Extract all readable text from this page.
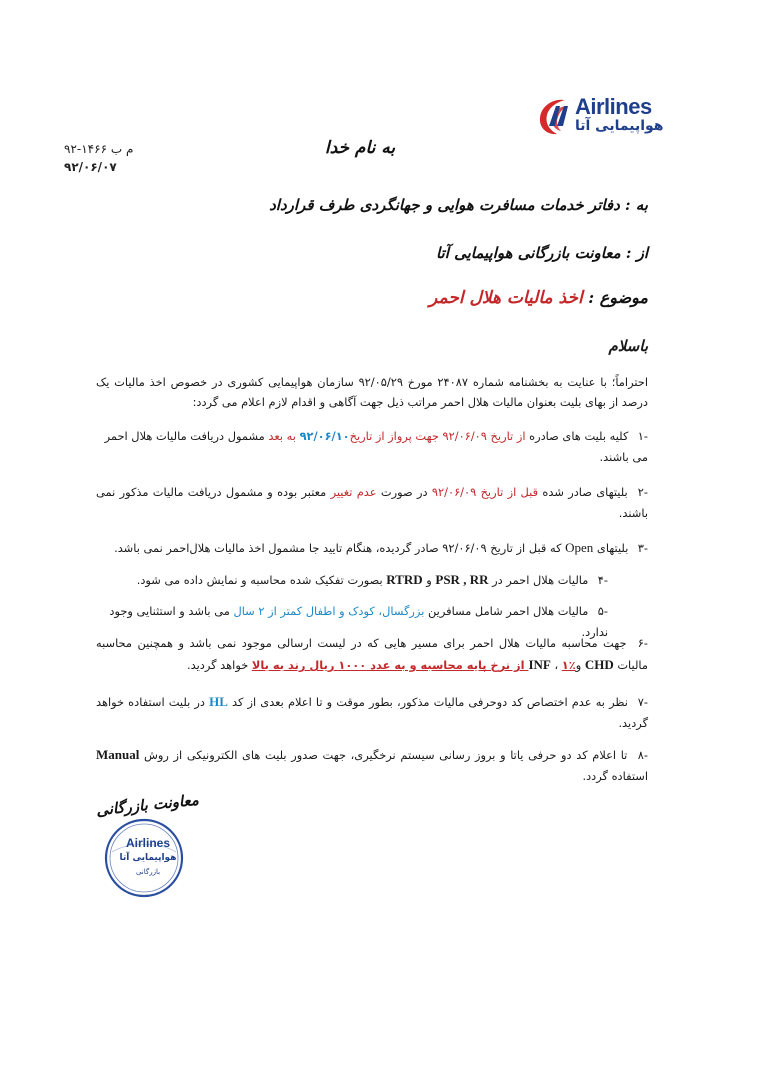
Airlines
هواپیمایی آتا
م ب ۱۴۶۶-۹۲
۹۲/۰۶/۰۷
به نام خدا
به : دفاتر خدمات مسافرت هوایی و جهانگردی طرف قرارداد
از : معاونت بازرگانی هواپیمایی آتا
موضوع : اخذ مالیات هلال احمر
باسلام
احتراماً؛ با عنایت به بخشنامه شماره ۲۴۰۸۷ مورخ ۹۲/۰۵/۲۹ سازمان هواپیمایی کشوری در خصوص اخذ مالیات یک درصد از بهای بلیت بعنوان مالیات هلال احمر مراتب ذیل جهت آگاهی و اقدام لازم اعلام می گردد:
-۱ کلیه بلیت های صادره از تاریخ ۹۲/۰۶/۰۹ جهت پرواز از تاریخ۹۲/۰۶/۱۰ به بعد مشمول دریافت مالیات هلال احمر می باشند.
-۲ بلیتهای صادر شده قبل از تاریخ ۹۲/۰۶/۰۹ در صورت عدم تغییر معتبر بوده و مشمول دریافت مالیات مذکور نمی باشند.
-۳ بلیتهای Open که قبل از تاریخ ۹۲/۰۶/۰۹ صادر گردیده، هنگام تایید جا مشمول اخذ مالیات هلال‌احمر نمی باشد.
-۴ مالیات هلال احمر در PSR , RR و RTRD بصورت تفکیک شده محاسبه و نمایش داده می شود.
-۵ مالیات هلال احمر شامل مسافرین بزرگسال، کودک و اطفال کمتر از ۲ سال می باشد و استثنایی وجود ندارد.
-۶ جهت محاسبه مالیات هلال احمر برای مسیر هایی که در لیست ارسالی موجود نمی باشد و همچنین محاسبه مالیات CHD وINF ، ۱٪ از نرخ پایه محاسبه و به عدد ۱۰۰۰ ریال رند به بالا خواهد گردید.
-۷ نظر به عدم اختصاص کد دوحرفی مالیات مذکور، بطور موقت و تا اعلام بعدی از کد HL در بلیت استفاده خواهد گردید.
-۸ تا اعلام کد دو حرفی یاتا و بروز رسانی سیستم نرخگیری، جهت صدور بلیت های الکترونیکی از روش Manual استفاده گردد.
Airlines
هواپیمایی آتا
بازرگانی
معاونت بازرگانی
